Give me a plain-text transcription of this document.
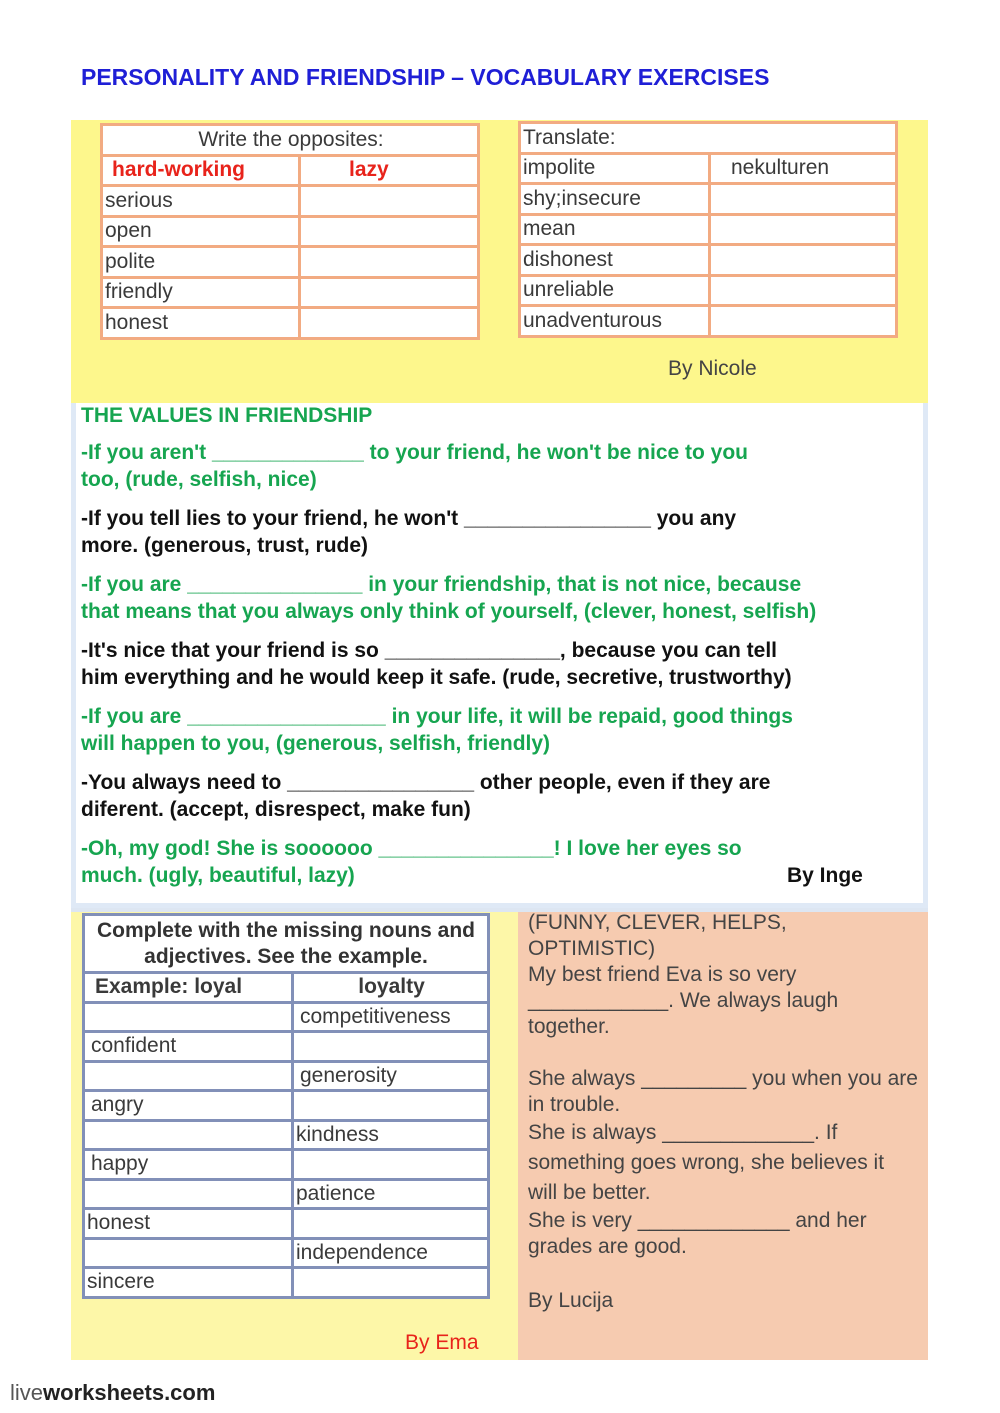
PERSONALITY AND FRIENDSHIP – VOCABULARY EXERCISES
Write the opposites:	
hard-working	lazy
serious	
open	
polite	
friendly	
honest	
Translate:	
impolite	nekulturen
shy;insecure	
mean	
dishonest	
unreliable	
unadventurous	
By Nicole
THE VALUES IN FRIENDSHIP

-If you aren't _____________ to your friend, he won't be nice to you
too, (rude, selfish, nice)

-If you tell lies to your friend, he won't ________________ you any
more. (generous, trust, rude)

-If you are _______________ in your friendship, that is not nice, because
that means that you always only think of yourself, (clever, honest, selfish)

-It's nice that your friend is so _______________, because you can tell
him everything and he would keep it safe. (rude, secretive, trustworthy)

-If you are _________________ in your life, it will be repaid, good things
will happen to you, (generous, selfish, friendly)

-You always need to ________________ other people, even if they are
diferent. (accept, disrespect, make fun)

-Oh, my god! She is soooooo _______________! I love her eyes so
much. (ugly, beautiful, lazy)	By Inge

Complete with the missing nouns and adjectives. See the example.	
Example: loyal	loyalty
	competitiveness
confident	
	generosity
angry	
	kindness
happy	
	patience
honest	
	independence
sincere	
By Ema

(FUNNY, CLEVER, HELPS, OPTIMISTIC)

My best friend Eva is so very ____________. We always laugh together.

She always _________ you when you are in trouble.

She is always _____________. If something goes wrong, she believes it will be better.

She is very _____________ and her grades are good.

By Lucija

liveworksheets.com
